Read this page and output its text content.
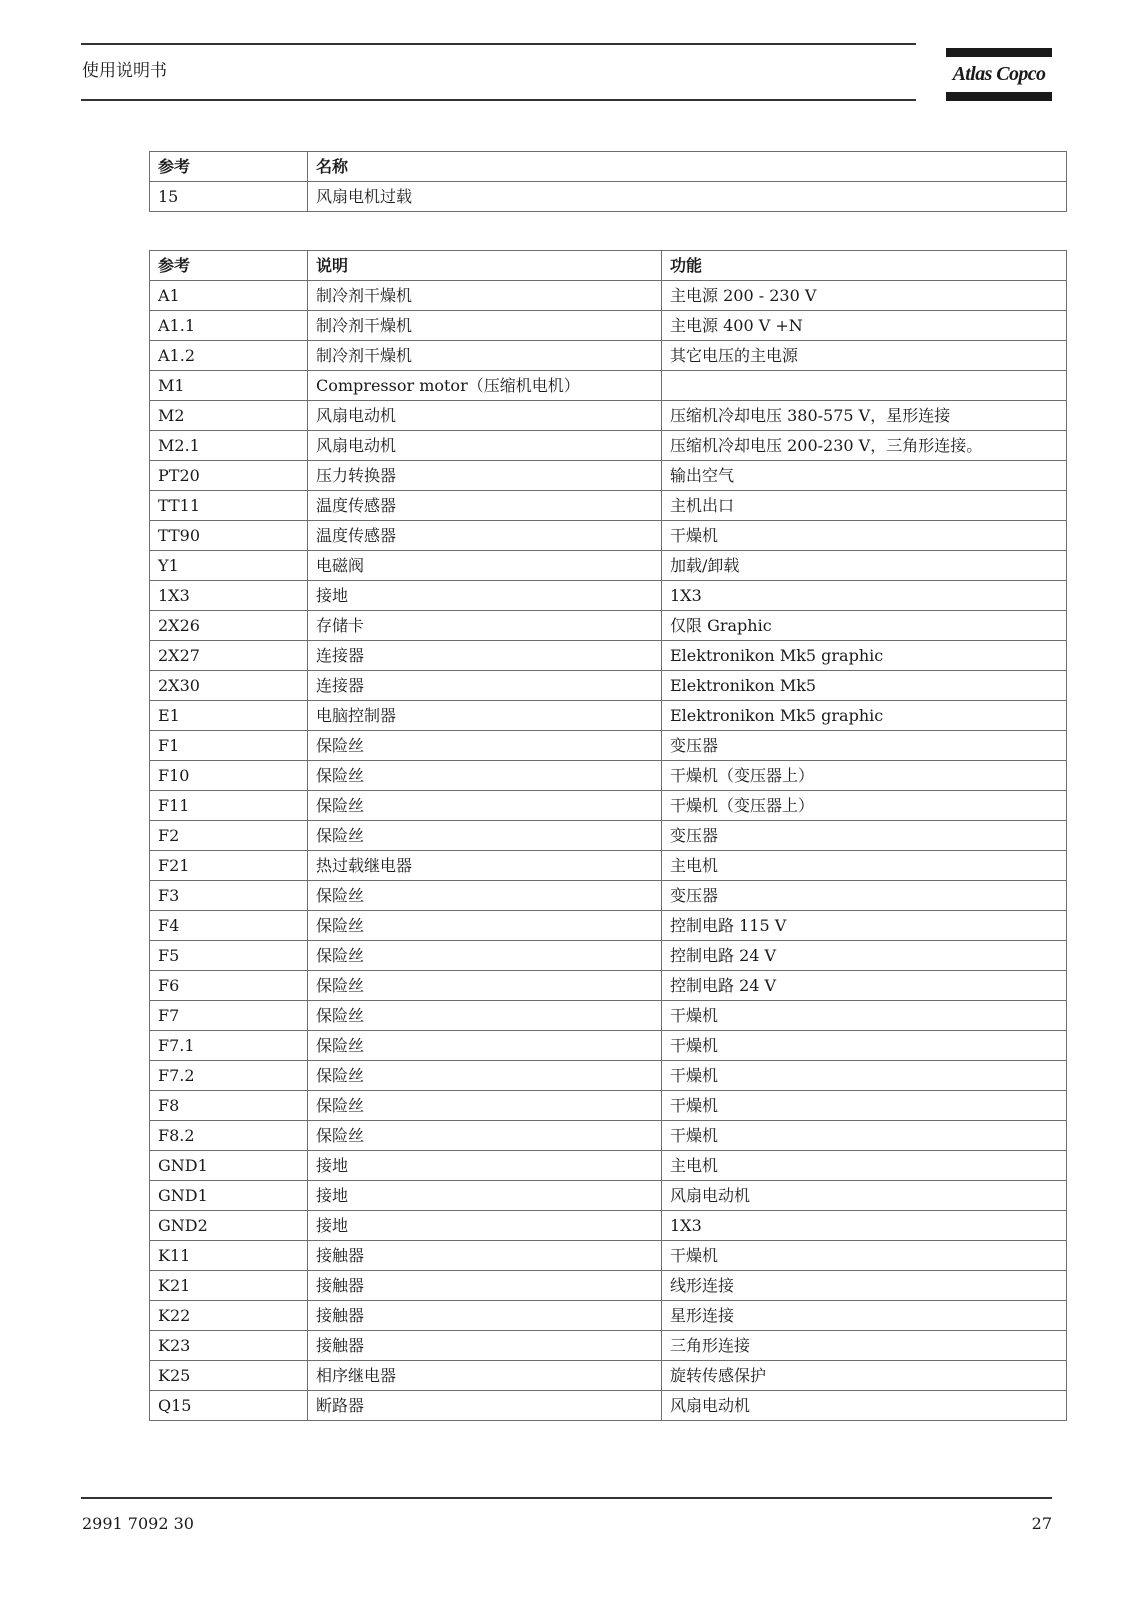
使用说明书	Atlas Copco
参考	名称
15	风扇电机过载
参考	说明	功能
A1	制冷剂干燥机	主电源 200 - 230 V
A1.1	制冷剂干燥机	主电源 400 V +N
A1.2	制冷剂干燥机	其它电压的主电源
M1	Compressor motor（压缩机电机）	
M2	风扇电动机	压缩机冷却电压 380-575 V，星形连接
M2.1	风扇电动机	压缩机冷却电压 200-230 V，三角形连接。
PT20	压力转换器	输出空气
TT11	温度传感器	主机出口
TT90	温度传感器	干燥机
Y1	电磁阀	加载/卸载
1X3	接地	1X3
2X26	存储卡	仅限 Graphic
2X27	连接器	Elektronikon Mk5 graphic
2X30	连接器	Elektronikon Mk5
E1	电脑控制器	Elektronikon Mk5 graphic
F1	保险丝	变压器
F10	保险丝	干燥机（变压器上）
F11	保险丝	干燥机（变压器上）
F2	保险丝	变压器
F21	热过载继电器	主电机
F3	保险丝	变压器
F4	保险丝	控制电路 115 V
F5	保险丝	控制电路 24 V
F6	保险丝	控制电路 24 V
F7	保险丝	干燥机
F7.1	保险丝	干燥机
F7.2	保险丝	干燥机
F8	保险丝	干燥机
F8.2	保险丝	干燥机
GND1	接地	主电机
GND1	接地	风扇电动机
GND2	接地	1X3
K11	接触器	干燥机
K21	接触器	线形连接
K22	接触器	星形连接
K23	接触器	三角形连接
K25	相序继电器	旋转传感保护
Q15	断路器	风扇电动机
2991 7092 30	27
